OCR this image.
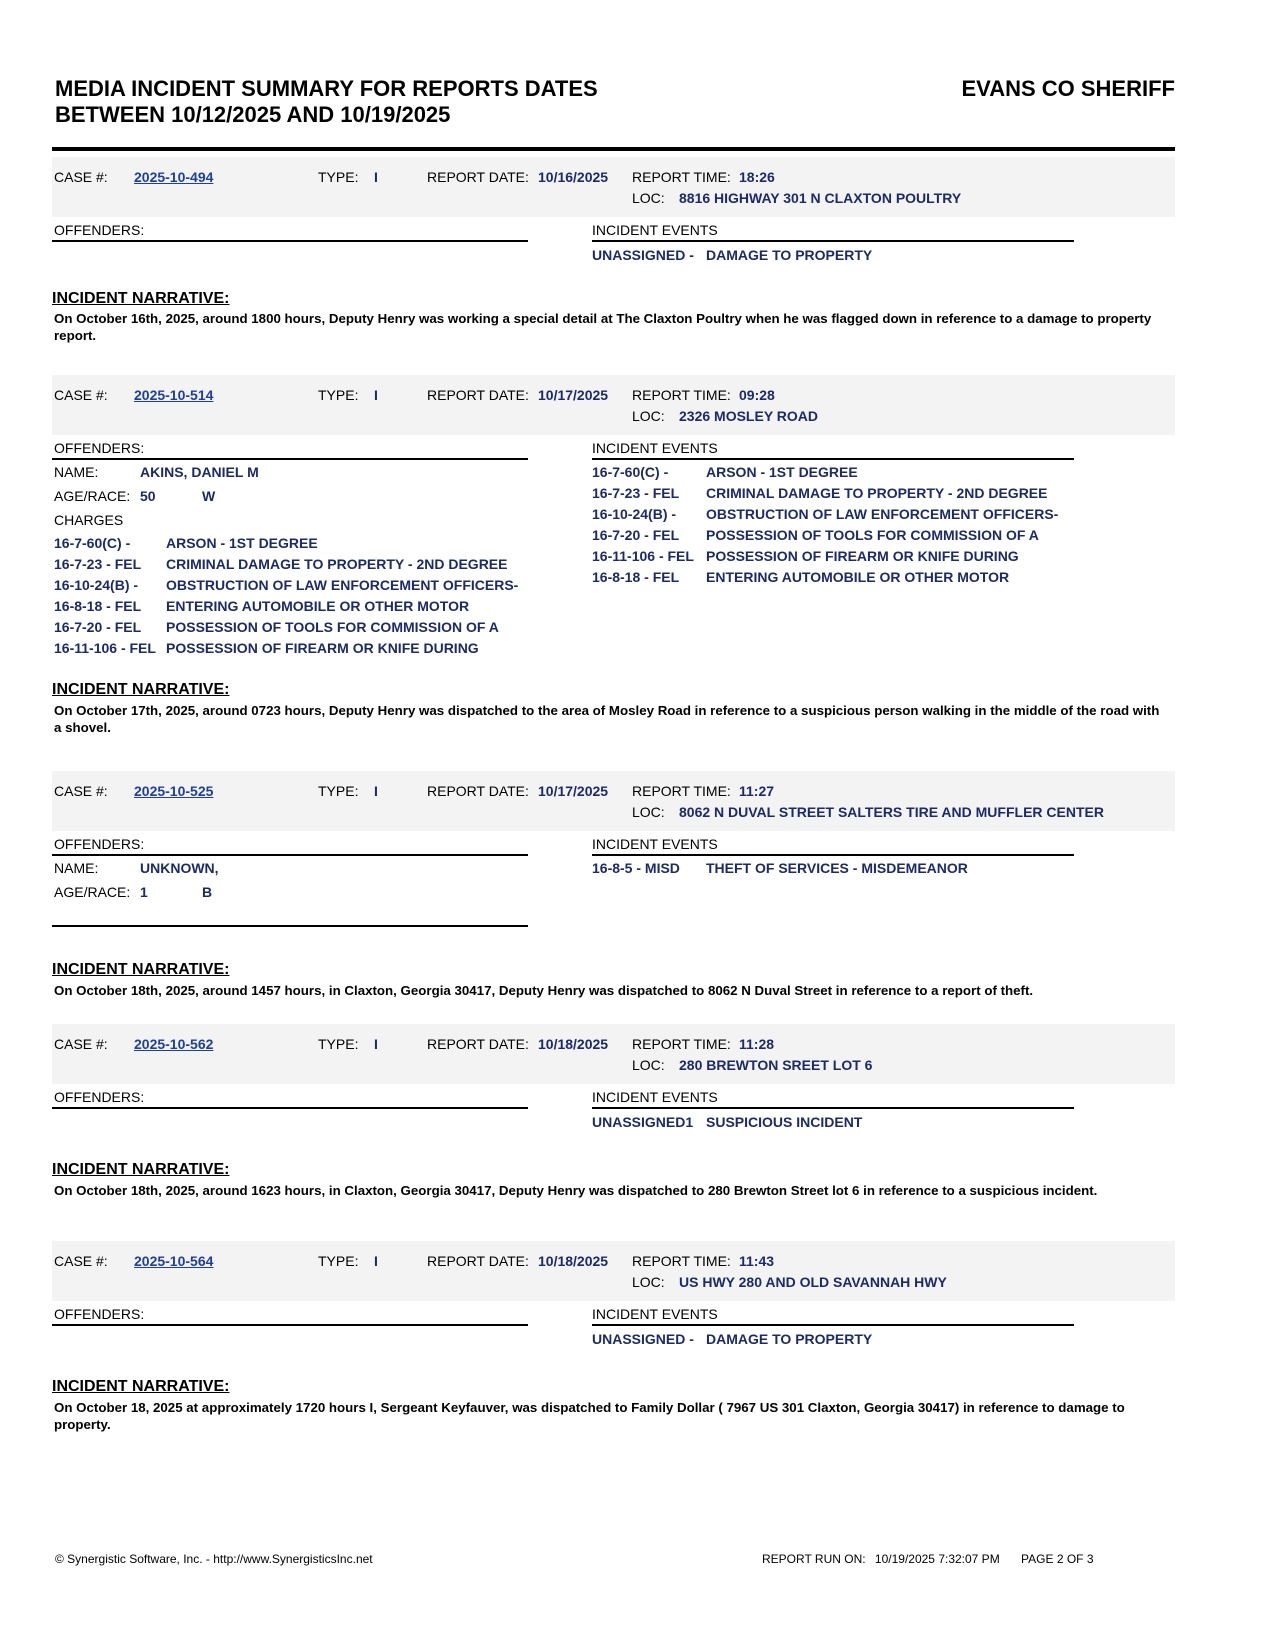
MEDIA INCIDENT SUMMARY FOR REPORTS DATES
BETWEEN 10/12/2025 AND 10/19/2025
EVANS CO SHERIFF
CASE #: 2025-10-494	TYPE: I	REPORT DATE: 10/16/2025 REPORT TIME: 18:26
LOC: 8816 HIGHWAY 301 N CLAXTON POULTRY
OFFENDERS:	INCIDENT EVENTS
UNASSIGNED - DAMAGE TO PROPERTY
INCIDENT NARRATIVE:
On October 16th, 2025, around 1800 hours, Deputy Henry was working a special detail at The Claxton Poultry when he was flagged down in reference to a damage to property report.
CASE #: 2025-10-514	TYPE: I	REPORT DATE: 10/17/2025 REPORT TIME: 09:28
LOC: 2326 MOSLEY ROAD
OFFENDERS:
NAME:	AKINS, DANIEL M
AGE/RACE: 50	W
CHARGES
16-7-60(C) -	ARSON - 1ST DEGREE
16-7-23 - FEL CRIMINAL DAMAGE TO PROPERTY - 2ND DEGREE
16-10-24(B) - OBSTRUCTION OF LAW ENFORCEMENT OFFICERS-
16-8-18 - FEL ENTERING AUTOMOBILE OR OTHER MOTOR
16-7-20 - FEL POSSESSION OF TOOLS FOR COMMISSION OF A
16-11-106 - FEL POSSESSION OF FIREARM OR KNIFE DURING
INCIDENT EVENTS
16-7-60(C) -	ARSON - 1ST DEGREE
16-7-23 - FEL CRIMINAL DAMAGE TO PROPERTY - 2ND DEGREE
16-10-24(B) - OBSTRUCTION OF LAW ENFORCEMENT OFFICERS-
16-7-20 - FEL POSSESSION OF TOOLS FOR COMMISSION OF A
16-11-106 - FEL POSSESSION OF FIREARM OR KNIFE DURING
16-8-18 - FEL ENTERING AUTOMOBILE OR OTHER MOTOR
INCIDENT NARRATIVE:
On October 17th, 2025, around 0723 hours, Deputy Henry was dispatched to the area of Mosley Road in reference to a suspicious person walking in the middle of the road with a shovel.
CASE #: 2025-10-525	TYPE: I	REPORT DATE: 10/17/2025 REPORT TIME: 11:27
LOC: 8062 N DUVAL STREET SALTERS TIRE AND MUFFLER CENTER
OFFENDERS:
NAME:	UNKNOWN,
AGE/RACE: 1	B
INCIDENT EVENTS
16-8-5 - MISD THEFT OF SERVICES - MISDEMEANOR
INCIDENT NARRATIVE:
On October 18th, 2025, around 1457 hours, in Claxton, Georgia 30417, Deputy Henry was dispatched to 8062 N Duval Street in reference to a report of theft.
CASE #: 2025-10-562	TYPE: I	REPORT DATE: 10/18/2025 REPORT TIME: 11:28
LOC: 280 BREWTON SREET LOT 6
OFFENDERS:	INCIDENT EVENTS
UNASSIGNED1 SUSPICIOUS INCIDENT
INCIDENT NARRATIVE:
On October 18th, 2025, around 1623 hours, in Claxton, Georgia 30417, Deputy Henry was dispatched to 280 Brewton Street lot 6 in reference to a suspicious incident.
CASE #: 2025-10-564	TYPE: I	REPORT DATE: 10/18/2025 REPORT TIME: 11:43
LOC: US HWY 280 AND OLD SAVANNAH HWY
OFFENDERS:	INCIDENT EVENTS
UNASSIGNED - DAMAGE TO PROPERTY
INCIDENT NARRATIVE:
On October 18, 2025 at approximately 1720 hours I, Sergeant Keyfauver, was dispatched to Family Dollar ( 7967 US 301 Claxton, Georgia 30417) in reference to damage to property.
© Synergistic Software, Inc. - http://www.SynergisticsInc.net	REPORT RUN ON: 10/19/2025 7:32:07 PM PAGE 2 OF 3
